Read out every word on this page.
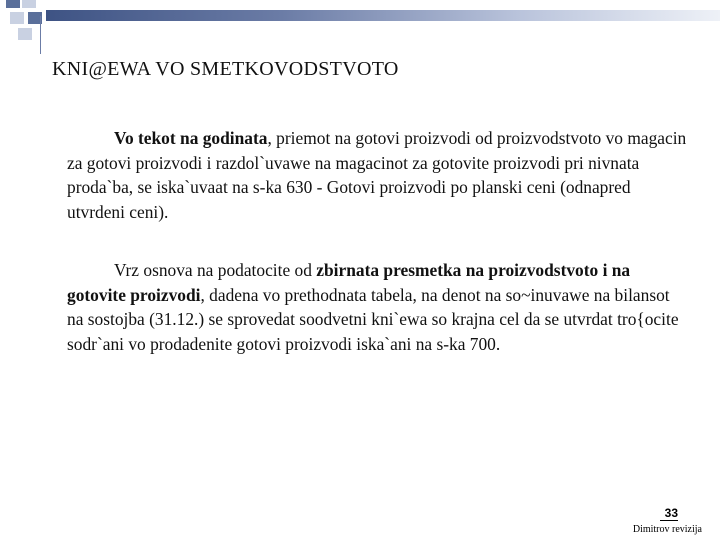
KNI@EWA VO SMETKOVODSTVOTO

Vo tekot na godinata, priemot na gotovi proizvodi od proizvodstvoto vo magacin za gotovi proizvodi i razdol`uvawe na magacinot za gotovite proizvodi pri nivnata proda`ba, se iska`uvaat na s-ka 630 - Gotovi proizvodi po planski ceni (odnapred utvrdeni ceni).

Vrz osnova na podatocite od zbirnata presmetka na proizvodstvoto i na gotovite proizvodi, dadena vo prethodnata tabela, na denot na so~inuvawe na bilansot na sostojba (31.12.) se sprovedat soodvetni kni`ewa so krajna cel da se utvrdat tro{ocite sodr`ani vo prodadenite gotovi proizvodi iska`ani na s-ka 700.

33
Dimitrov revizija
